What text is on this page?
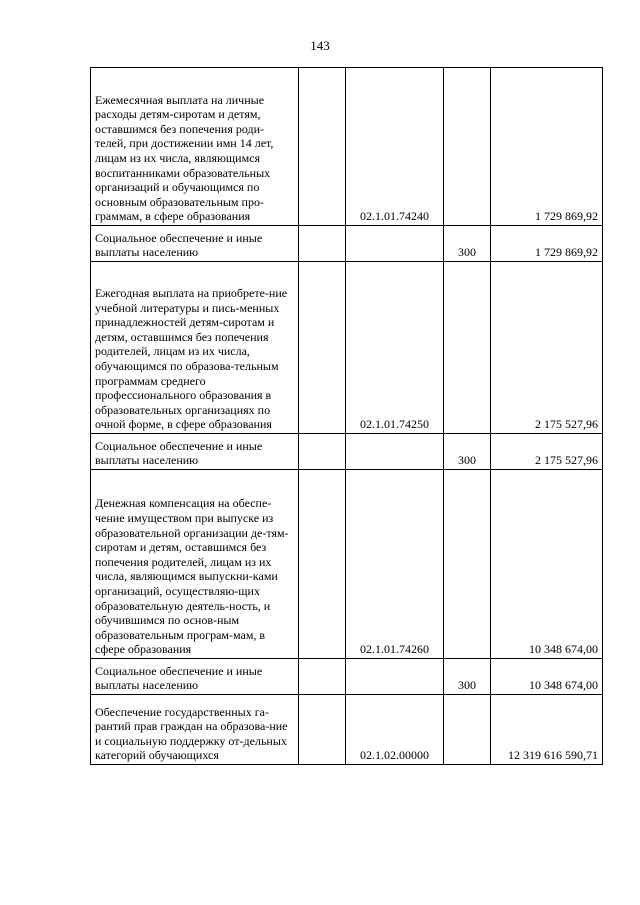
143
Ежемесячная выплата на личные расходы детям-сиротам и детям, оставшимся без попечения роди-телей, при достижении имн 14 лет, лицам из их числа, являющимся воспитанниками образовательных организаций и обучающимся по основным образовательным про-граммам, в сфере образования		02.1.01.74240		1 729 869,92

Социальное обеспечение и иные выплаты населению			300	1 729 869,92

Ежегодная выплата на приобрете-ние учебной литературы и пись-менных принадлежностей детям-сиротам и детям, оставшимся без попечения родителей, лицам из их числа, обучающимся по образова-тельным программам среднего профессионального образования в образовательных организациях по очной форме, в сфере образования		02.1.01.74250		2 175 527,96

Социальное обеспечение и иные выплаты населению			300	2 175 527,96

Денежная компенсация на обеспе-чение имуществом при выпуске из образовательной организации де-тям-сиротам и детям, оставшимся без попечения родителей, лицам из их числа, являющимся выпускни-ками организаций, осуществляю-щих образовательную деятель-ность, и обучившимся по основ-ным образовательным програм-мам, в сфере образования		02.1.01.74260		10 348 674,00

Социальное обеспечение и иные выплаты населению			300	10 348 674,00

Обеспечение государственных га-рантий прав граждан на образова-ние и социальную поддержку от-дельных категорий обучающихся		02.1.02.00000		12 319 616 590,71
